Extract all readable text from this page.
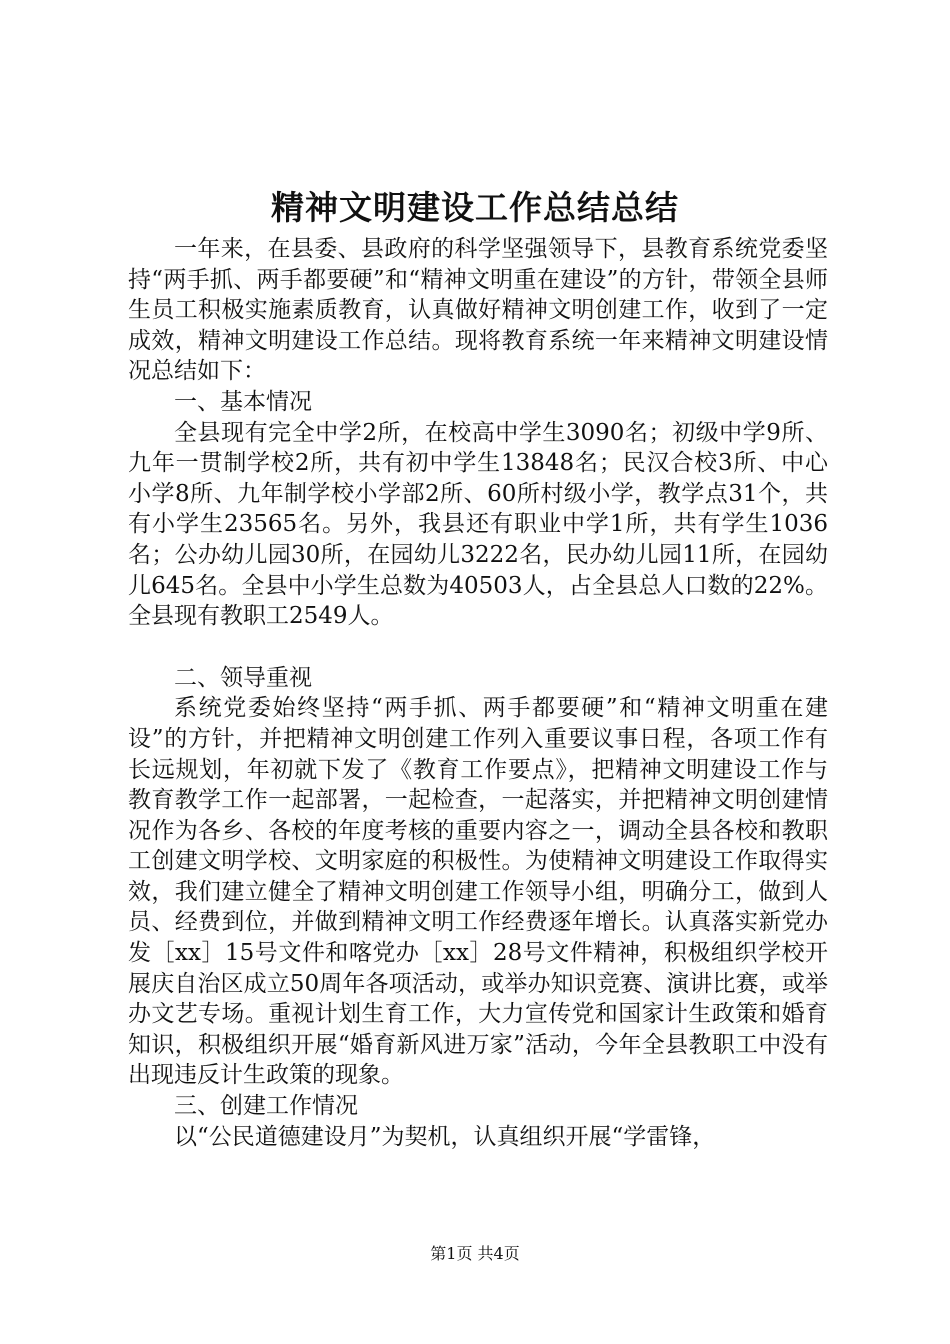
精神文明建设工作总结总结

一年来，在县委、县政府的科学坚强领导下，县教育系统党委坚持“两手抓、两手都要硬”和“精神文明重在建设”的方针，带领全县师生员工积极实施素质教育，认真做好精神文明创建工作，收到了一定成效，精神文明建设工作总结。现将教育系统一年来精神文明建设情况总结如下：

一、基本情况

全县现有完全中学2所，在校高中学生3090名；初级中学9所、九年一贯制学校2所，共有初中学生13848名；民汉合校3所、中心小学8所、九年制学校小学部2所、60所村级小学，教学点31个，共有小学生23565名。另外，我县还有职业中学1所，共有学生1036名；公办幼儿园30所，在园幼儿3222名，民办幼儿园11所，在园幼儿645名。全县中小学生总数为40503人，占全县总人口数的22%。全县现有教职工2549人。

二、领导重视

系统党委始终坚持“两手抓、两手都要硬”和“精神文明重在建设”的方针，并把精神文明创建工作列入重要议事日程，各项工作有长远规划，年初就下发了《教育工作要点》，把精神文明建设工作与教育教学工作一起部署，一起检查，一起落实，并把精神文明创建情况作为各乡、各校的年度考核的重要内容之一，调动全县各校和教职工创建文明学校、文明家庭的积极性。为使精神文明建设工作取得实效，我们建立健全了精神文明创建工作领导小组，明确分工，做到人员、经费到位，并做到精神文明工作经费逐年增长。认真落实新党办发［xx］15号文件和喀党办［xx］28号文件精神，积极组织学校开展庆自治区成立50周年各项活动，或举办知识竞赛、演讲比赛，或举办文艺专场。重视计划生育工作，大力宣传党和国家计生政策和婚育知识，积极组织开展“婚育新风进万家”活动，今年全县教职工中没有出现违反计生政策的现象。

三、创建工作情况

以“公民道德建设月”为契机，认真组织开展“学雷锋，

第1页 共4页
